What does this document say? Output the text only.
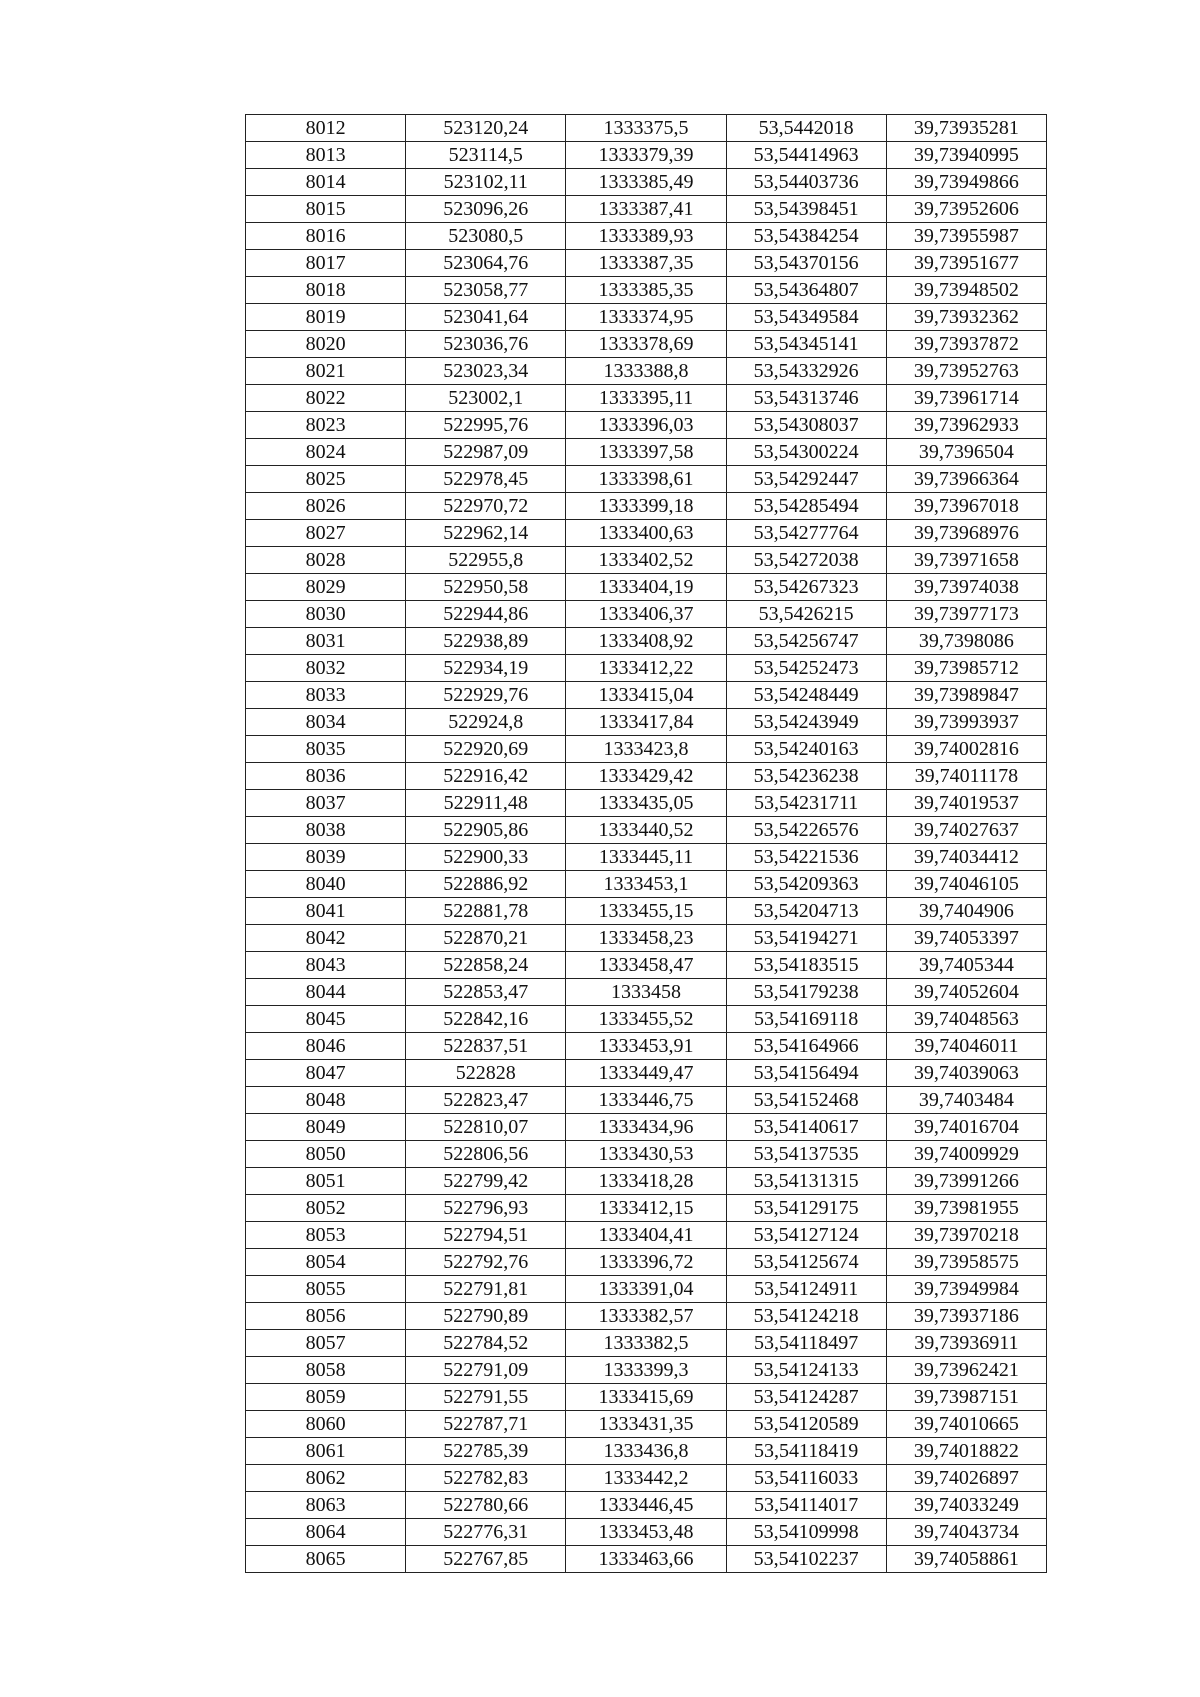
8012	523120,24	1333375,5	53,5442018	39,73935281
8013	523114,5	1333379,39	53,54414963	39,73940995
8014	523102,11	1333385,49	53,54403736	39,73949866
8015	523096,26	1333387,41	53,54398451	39,73952606
8016	523080,5	1333389,93	53,54384254	39,73955987
8017	523064,76	1333387,35	53,54370156	39,73951677
8018	523058,77	1333385,35	53,54364807	39,73948502
8019	523041,64	1333374,95	53,54349584	39,73932362
8020	523036,76	1333378,69	53,54345141	39,73937872
8021	523023,34	1333388,8	53,54332926	39,73952763
8022	523002,1	1333395,11	53,54313746	39,73961714
8023	522995,76	1333396,03	53,54308037	39,73962933
8024	522987,09	1333397,58	53,54300224	39,7396504
8025	522978,45	1333398,61	53,54292447	39,73966364
8026	522970,72	1333399,18	53,54285494	39,73967018
8027	522962,14	1333400,63	53,54277764	39,73968976
8028	522955,8	1333402,52	53,54272038	39,73971658
8029	522950,58	1333404,19	53,54267323	39,73974038
8030	522944,86	1333406,37	53,5426215	39,73977173
8031	522938,89	1333408,92	53,54256747	39,7398086
8032	522934,19	1333412,22	53,54252473	39,73985712
8033	522929,76	1333415,04	53,54248449	39,73989847
8034	522924,8	1333417,84	53,54243949	39,73993937
8035	522920,69	1333423,8	53,54240163	39,74002816
8036	522916,42	1333429,42	53,54236238	39,74011178
8037	522911,48	1333435,05	53,54231711	39,74019537
8038	522905,86	1333440,52	53,54226576	39,74027637
8039	522900,33	1333445,11	53,54221536	39,74034412
8040	522886,92	1333453,1	53,54209363	39,74046105
8041	522881,78	1333455,15	53,54204713	39,7404906
8042	522870,21	1333458,23	53,54194271	39,74053397
8043	522858,24	1333458,47	53,54183515	39,7405344
8044	522853,47	1333458	53,54179238	39,74052604
8045	522842,16	1333455,52	53,54169118	39,74048563
8046	522837,51	1333453,91	53,54164966	39,74046011
8047	522828	1333449,47	53,54156494	39,74039063
8048	522823,47	1333446,75	53,54152468	39,7403484
8049	522810,07	1333434,96	53,54140617	39,74016704
8050	522806,56	1333430,53	53,54137535	39,74009929
8051	522799,42	1333418,28	53,54131315	39,73991266
8052	522796,93	1333412,15	53,54129175	39,73981955
8053	522794,51	1333404,41	53,54127124	39,73970218
8054	522792,76	1333396,72	53,54125674	39,73958575
8055	522791,81	1333391,04	53,54124911	39,73949984
8056	522790,89	1333382,57	53,54124218	39,73937186
8057	522784,52	1333382,5	53,54118497	39,73936911
8058	522791,09	1333399,3	53,54124133	39,73962421
8059	522791,55	1333415,69	53,54124287	39,73987151
8060	522787,71	1333431,35	53,54120589	39,74010665
8061	522785,39	1333436,8	53,54118419	39,74018822
8062	522782,83	1333442,2	53,54116033	39,74026897
8063	522780,66	1333446,45	53,54114017	39,74033249
8064	522776,31	1333453,48	53,54109998	39,74043734
8065	522767,85	1333463,66	53,54102237	39,74058861
